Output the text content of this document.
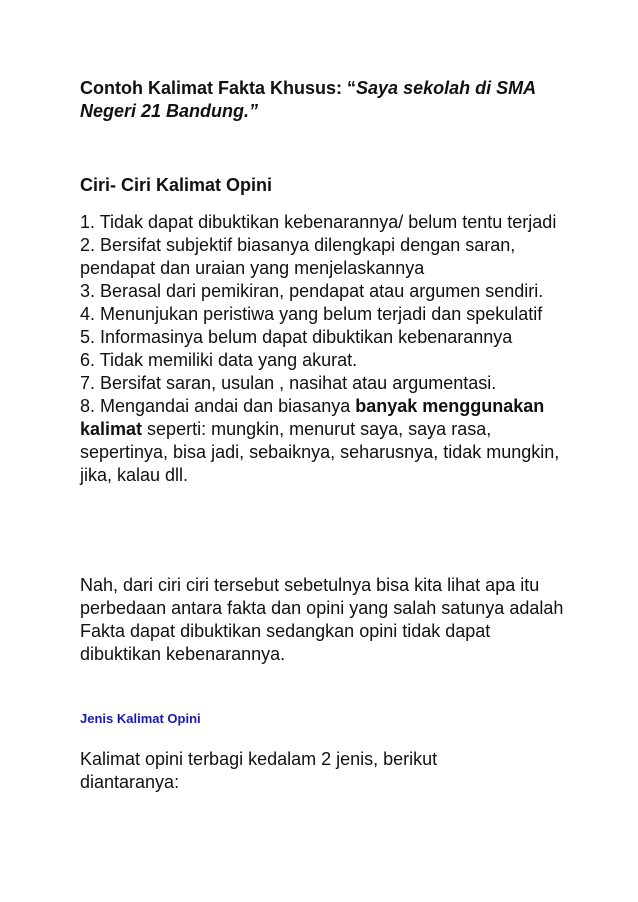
Contoh Kalimat Fakta Khusus: “Saya sekolah di SMA Negeri 21 Bandung.”
Ciri- Ciri Kalimat Opini

1. Tidak dapat dibuktikan kebenarannya/ belum tentu terjadi

2. Bersifat subjektif biasanya dilengkapi dengan saran, pendapat dan uraian yang menjelaskannya

3. Berasal dari pemikiran, pendapat atau argumen sendiri.

4. Menunjukan peristiwa yang belum terjadi dan spekulatif

5. Informasinya belum dapat dibuktikan kebenarannya

6. Tidak memiliki data yang akurat.

7. Bersifat saran, usulan , nasihat atau argumentasi.

8. Mengandai andai dan biasanya banyak menggunakan kalimat seperti: mungkin, menurut saya, saya rasa, sepertinya, bisa jadi, sebaiknya, seharusnya, tidak mungkin, jika, kalau dll.

Nah, dari ciri ciri tersebut sebetulnya bisa kita lihat apa itu perbedaan antara fakta dan opini yang salah satunya adalah Fakta dapat dibuktikan sedangkan opini tidak dapat dibuktikan kebenarannya.

Jenis Kalimat Opini

Kalimat opini terbagi kedalam 2 jenis, berikut diantaranya:
